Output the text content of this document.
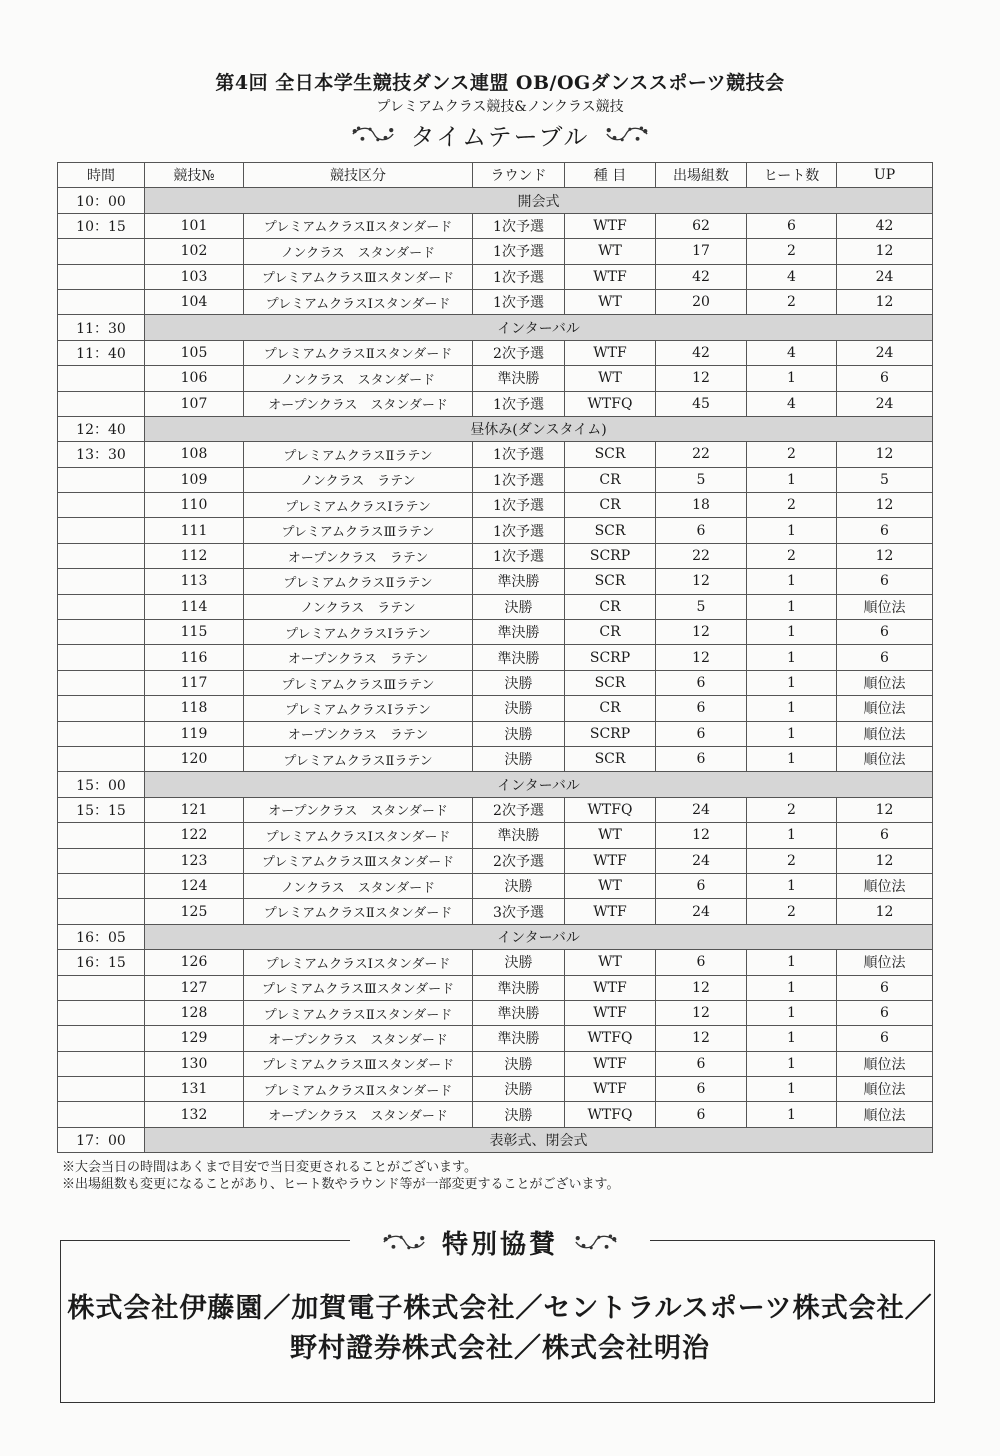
第4回 全日本学生競技ダンス連盟 OB/OGダンススポーツ競技会
プレミアムクラス競技&ノンクラス競技
タイムテーブル
時間	競技№	競技区分	ラウンド	種 目	出場組数	ヒート数	UP
10：00	開会式						
10：15	101	プレミアムクラスⅡスタンダード	1次予選	WTF	62	6	42
	102	ノンクラス　スタンダード	1次予選	WT	17	2	12
	103	プレミアムクラスⅢスタンダード	1次予選	WTF	42	4	24
	104	プレミアムクラスⅠスタンダード	1次予選	WT	20	2	12
11：30	インターバル						
11：40	105	プレミアムクラスⅡスタンダード	2次予選	WTF	42	4	24
	106	ノンクラス　スタンダード	準決勝	WT	12	1	6
	107	オープンクラス　スタンダード	1次予選	WTFQ	45	4	24
12：40	昼休み(ダンスタイム)						
13：30	108	プレミアムクラスⅡラテン	1次予選	SCR	22	2	12
	109	ノンクラス　ラテン	1次予選	CR	5	1	5
	110	プレミアムクラスⅠラテン	1次予選	CR	18	2	12
	111	プレミアムクラスⅢラテン	1次予選	SCR	6	1	6
	112	オープンクラス　ラテン	1次予選	SCRP	22	2	12
	113	プレミアムクラスⅡラテン	準決勝	SCR	12	1	6
	114	ノンクラス　ラテン	決勝	CR	5	1	順位法
	115	プレミアムクラスⅠラテン	準決勝	CR	12	1	6
	116	オープンクラス　ラテン	準決勝	SCRP	12	1	6
	117	プレミアムクラスⅢラテン	決勝	SCR	6	1	順位法
	118	プレミアムクラスⅠラテン	決勝	CR	6	1	順位法
	119	オープンクラス　ラテン	決勝	SCRP	6	1	順位法
	120	プレミアムクラスⅡラテン	決勝	SCR	6	1	順位法
15：00	インターバル						
15：15	121	オープンクラス　スタンダード	2次予選	WTFQ	24	2	12
	122	プレミアムクラスⅠスタンダード	準決勝	WT	12	1	6
	123	プレミアムクラスⅢスタンダード	2次予選	WTF	24	2	12
	124	ノンクラス　スタンダード	決勝	WT	6	1	順位法
	125	プレミアムクラスⅡスタンダード	3次予選	WTF	24	2	12
16：05	インターバル						
16：15	126	プレミアムクラスⅠスタンダード	決勝	WT	6	1	順位法
	127	プレミアムクラスⅢスタンダード	準決勝	WTF	12	1	6
	128	プレミアムクラスⅡスタンダード	準決勝	WTF	12	1	6
	129	オープンクラス　スタンダード	準決勝	WTFQ	12	1	6
	130	プレミアムクラスⅢスタンダード	決勝	WTF	6	1	順位法
	131	プレミアムクラスⅡスタンダード	決勝	WTF	6	1	順位法
	132	オープンクラス　スタンダード	決勝	WTFQ	6	1	順位法
17：00	表彰式、閉会式						
※大会当日の時間はあくまで目安で当日変更されることがございます。
※出場組数も変更になることがあり、ヒート数やラウンド等が一部変更することがございます。
特別協賛
株式会社伊藤園／加賀電子株式会社／セントラルスポーツ株式会社／
野村證券株式会社／株式会社明治
